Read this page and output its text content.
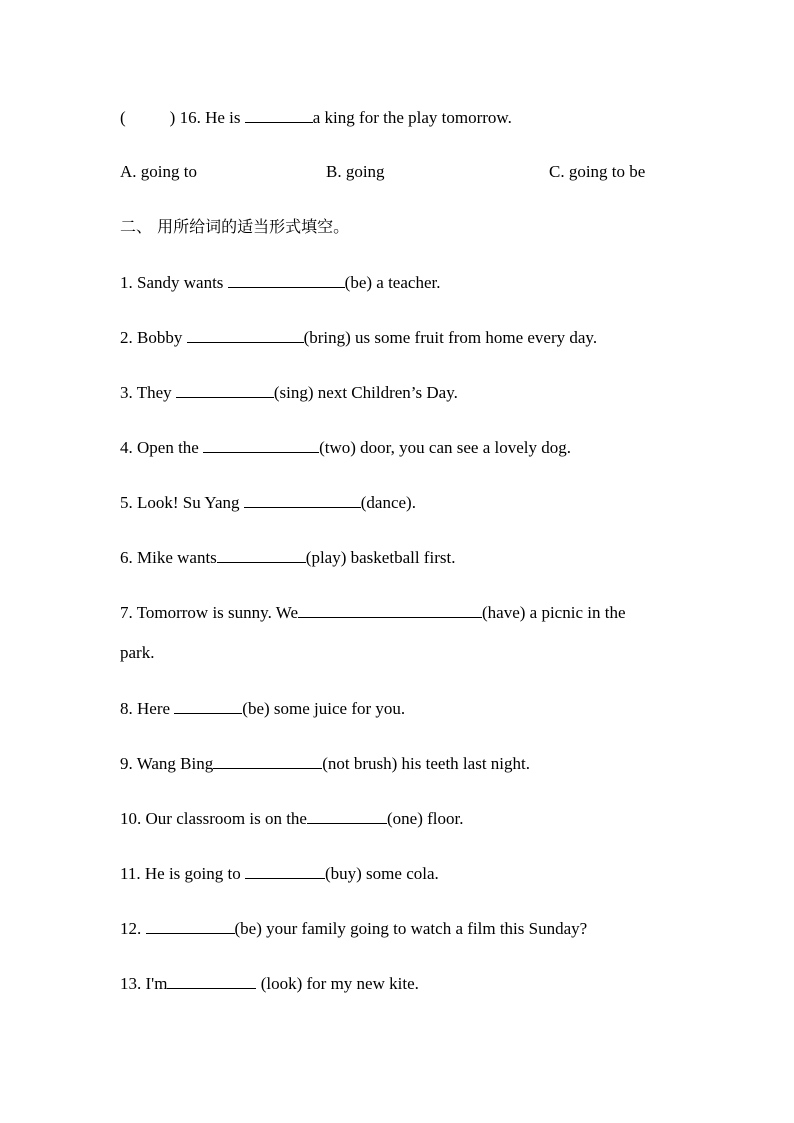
(	) 16. He is	a king for the play tomorrow.
A. going to	B. going	C. going to be
二、 用所给词的适当形式填空。
1. Sandy wants	(be) a teacher.
2. Bobby	(bring) us some fruit from home every day.
3. They	(sing) next Children’s Day.
4. Open the	(two) door, you can see a lovely dog.
5. Look! Su Yang	(dance).
6. Mike wants	(play) basketball first.
7. Tomorrow is sunny. We	(have) a picnic in the
park.
8. Here	(be) some juice for you.
9. Wang Bing	(not brush) his teeth last night.
10. Our classroom is on the	(one) floor.
11. He is going to	(buy) some cola.
12.	(be) your family going to watch a film this Sunday?
13. I'm	(look) for my new kite.
